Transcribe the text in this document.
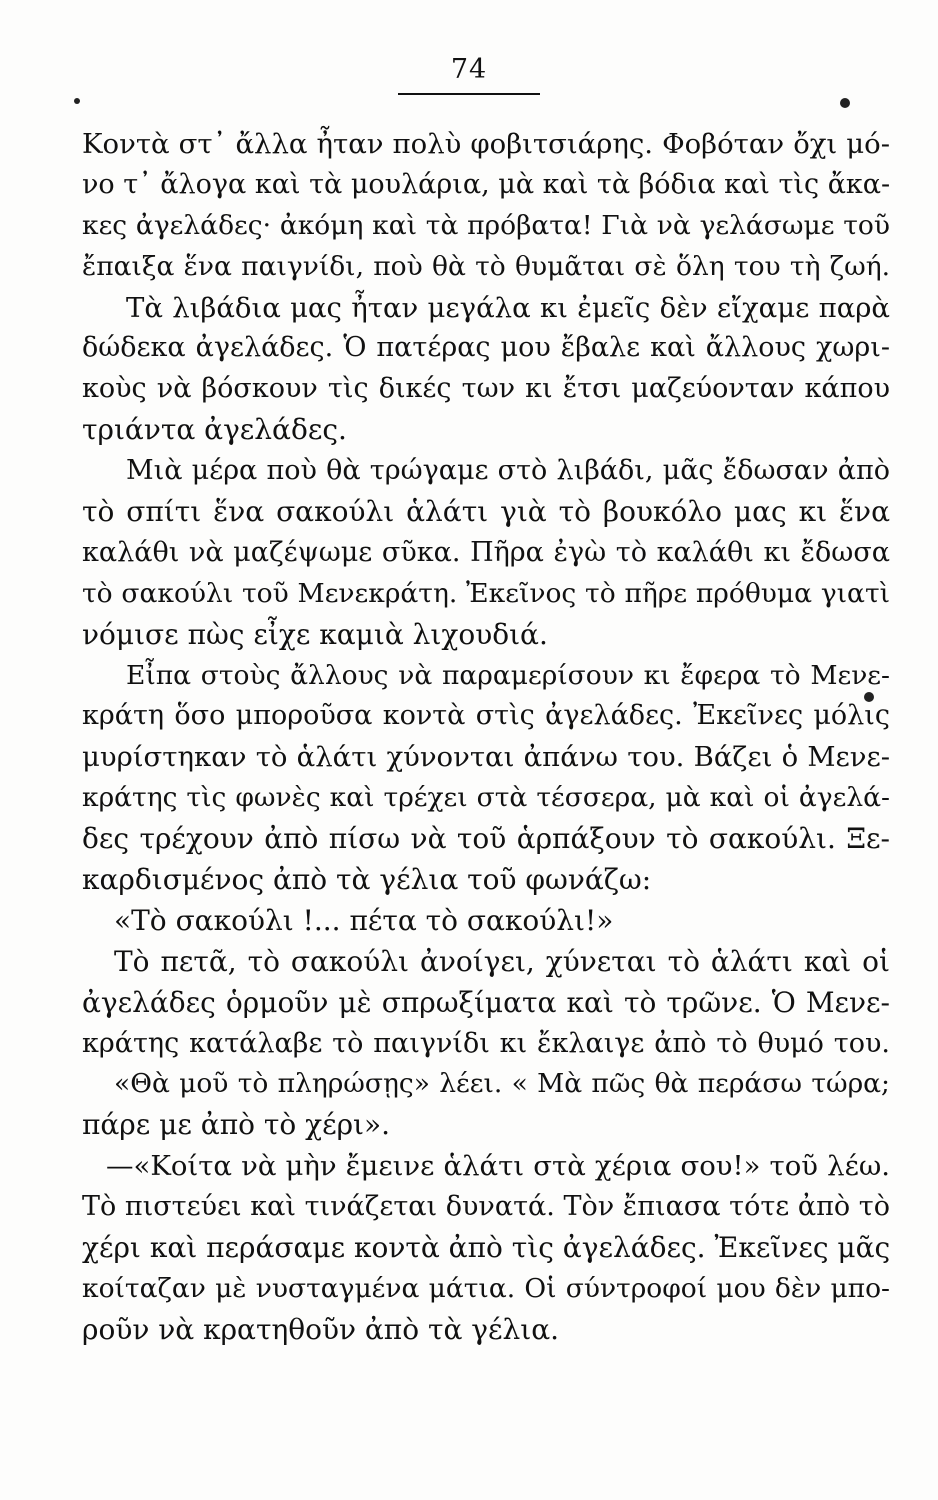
74
Κοντὰ στ᾽ ἄλλα ἦταν πολὺ φοβιτσιάρης. Φοβόταν ὄχι μό-
νο τ᾽ ἄλογα καὶ τὰ μουλάρια, μὰ καὶ τὰ βόδια καὶ τὶς ἄκα-
κες ἀγελάδες· ἀκόμη καὶ τὰ πρόβατα! Γιὰ νὰ γελάσωμε τοῦ
ἔπαιξα ἕνα παιγνίδι, ποὺ θὰ τὸ θυμᾶται σὲ ὅλη του τὴ ζωή.
Τὰ λιβάδια μας ἦταν μεγάλα κι ἐμεῖς δὲν εἴχαμε παρὰ
δώδεκα ἀγελάδες. Ὁ πατέρας μου ἔβαλε καὶ ἄλλους χωρι-
κοὺς νὰ βόσκουν τὶς δικές των κι ἔτσι μαζεύονταν κάπου
τριάντα ἀγελάδες.
Μιὰ μέρα ποὺ θὰ τρώγαμε στὸ λιβάδι, μᾶς ἔδωσαν ἀπὸ
τὸ σπίτι ἕνα σακούλι ἁλάτι γιὰ τὸ βουκόλο μας κι ἕνα
καλάθι νὰ μαζέψωμε σῦκα. Πῆρα ἐγὼ τὸ καλάθι κι ἔδωσα
τὸ σακούλι τοῦ Μενεκράτη. Ἐκεῖνος τὸ πῆρε πρόθυμα γιατὶ
νόμισε πὼς εἶχε καμιὰ λιχουδιά.
Εἶπα στοὺς ἄλλους νὰ παραμερίσουν κι ἔφερα τὸ Μενε-
κράτη ὅσο μποροῦσα κοντὰ στὶς ἀγελάδες. Ἐκεῖνες μόλις
μυρίστηκαν τὸ ἁλάτι χύνονται ἀπάνω του. Βάζει ὁ Μενε-
κράτης τὶς φωνὲς καὶ τρέχει στὰ τέσσερα, μὰ καὶ οἱ ἀγελά-
δες τρέχουν ἀπὸ πίσω νὰ τοῦ ἁρπάξουν τὸ σακούλι. Ξε-
καρδισμένος ἀπὸ τὰ γέλια τοῦ φωνάζω:
«Τὸ σακούλι !... πέτα τὸ σακούλι!»
Τὸ πετᾶ, τὸ σακούλι ἀνοίγει, χύνεται τὸ ἁλάτι καὶ οἱ
ἀγελάδες ὁρμοῦν μὲ σπρωξίματα καὶ τὸ τρῶνε. Ὁ Μενε-
κράτης κατάλαβε τὸ παιγνίδι κι ἔκλαιγε ἀπὸ τὸ θυμό του.
«Θὰ μοῦ τὸ πληρώσῃς» λέει. « Μὰ πῶς θὰ περάσω τώρα;
πάρε με ἀπὸ τὸ χέρι».
—«Κοίτα νὰ μὴν ἔμεινε ἁλάτι στὰ χέρια σου!» τοῦ λέω.
Τὸ πιστεύει καὶ τινάζεται δυνατά. Τὸν ἔπιασα τότε ἀπὸ τὸ
χέρι καὶ περάσαμε κοντὰ ἀπὸ τὶς ἀγελάδες. Ἐκεῖνες μᾶς
κοίταζαν μὲ νυσταγμένα μάτια. Οἱ σύντροφοί μου δὲν μπο-
ροῦν νὰ κρατηθοῦν ἀπὸ τὰ γέλια.
